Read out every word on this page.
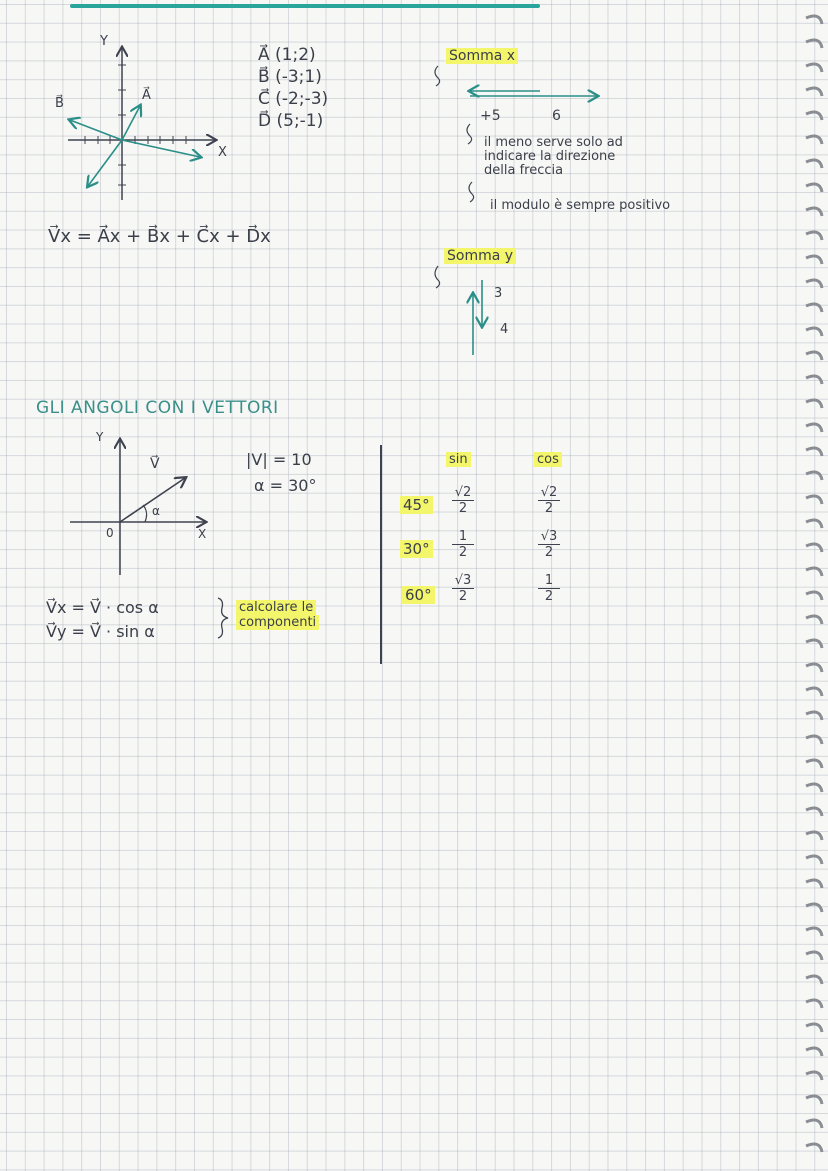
Y
X
B⃗
A⃗
A⃗ (1;2)
B⃗ (-3;1)
C⃗ (-2;-3)
D⃗ (5;-1)
V⃗x = A⃗x + B⃗x + C⃗x + D⃗x
Somma x
+5	6
il meno serve solo ad
indicare la direzione
della freccia
il modulo è sempre positivo
Somma y
3
4
GLI ANGOLI CON I VETTORI
Y
X
0
V⃗
α
|V| = 10
α = 30°
V⃗x = V⃗ · cos α
V⃗y = V⃗ · sin α
calcolare le
componenti
sin	cos
45°
30°
60°
√2
2
√2
2
1
2
√3
2
√3
2
1
2
